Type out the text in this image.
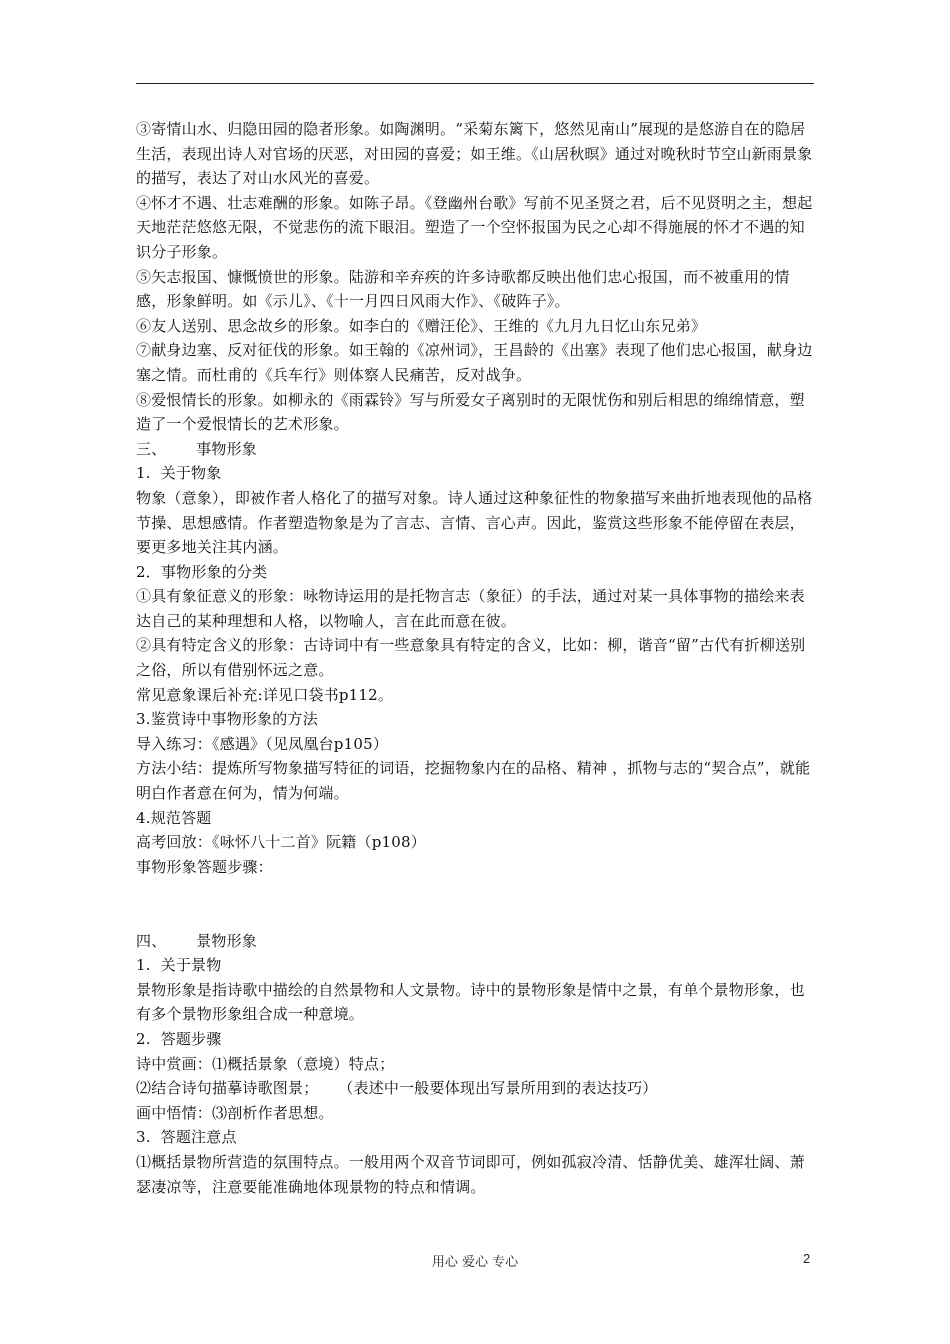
③寄情山水、归隐田园的隐者形象。如陶渊明。“采菊东篱下，悠然见南山”展现的是悠游自在的隐居生活，表现出诗人对官场的厌恶，对田园的喜爱；如王维。《山居秋暝》通过对晚秋时节空山新雨景象的描写，表达了对山水风光的喜爱。

④怀才不遇、壮志难酬的形象。如陈子昂。《登幽州台歌》写前不见圣贤之君，后不见贤明之主，想起天地茫茫悠悠无限，不觉悲伤的流下眼泪。塑造了一个空怀报国为民之心却不得施展的怀才不遇的知识分子形象。

⑤矢志报国、慷慨愤世的形象。陆游和辛弃疾的许多诗歌都反映出他们忠心报国，而不被重用的情感，形象鲜明。如《示儿》、《十一月四日风雨大作》、《破阵子》。

⑥友人送别、思念故乡的形象。如李白的《赠汪伦》、王维的《九月九日忆山东兄弟》

⑦献身边塞、反对征伐的形象。如王翰的《凉州词》，王昌龄的《出塞》表现了他们忠心报国，献身边塞之情。而杜甫的《兵车行》则体察人民痛苦，反对战争。

⑧爱恨情长的形象。如柳永的《雨霖铃》写与所爱女子离别时的无限忧伤和别后相思的绵绵情意，塑造了一个爱恨情长的艺术形象。

三、      事物形象

1.  关于物象

物象（意象），即被作者人格化了的描写对象。诗人通过这种象征性的物象描写来曲折地表现他的品格节操、思想感情。作者塑造物象是为了言志、言情、言心声。因此，鉴赏这些形象不能停留在表层，要更多地关注其内涵。

2．事物形象的分类

①具有象征意义的形象：咏物诗运用的是托物言志（象征）的手法，通过对某一具体事物的描绘来表达自己的某种理想和人格，以物喻人，言在此而意在彼。

②具有特定含义的形象：古诗词中有一些意象具有特定的含义，比如：柳，谐音“留”古代有折柳送别之俗，所以有借别怀远之意。

常见意象课后补充:详见口袋书p112。

3.鉴赏诗中事物形象的方法

导入练习：《感遇》（见凤凰台p105）

方法小结：提炼所写物象描写特征的词语，挖掘物象内在的品格、精神 ，抓物与志的“契合点”，就能明白作者意在何为，情为何端。

4.规范答题

高考回放：《咏怀八十二首》阮籍（p108）

事物形象答题步骤：

四、      景物形象

1.  关于景物

景物形象是指诗歌中描绘的自然景物和人文景物。诗中的景物形象是情中之景，有单个景物形象，也有多个景物形象组合成一种意境。

2.  答题步骤

诗中赏画：⑴概括景象（意境）特点；

⑵结合诗句描摹诗歌图景；    （表述中一般要体现出写景所用到的表达技巧）

画中悟情：⑶剖析作者思想。

3.  答题注意点

⑴概括景物所营造的氛围特点。一般用两个双音节词即可，例如孤寂冷清、恬静优美、雄浑壮阔、萧瑟凄凉等，注意要能准确地体现景物的特点和情调。

用心 爱心 专心	2
